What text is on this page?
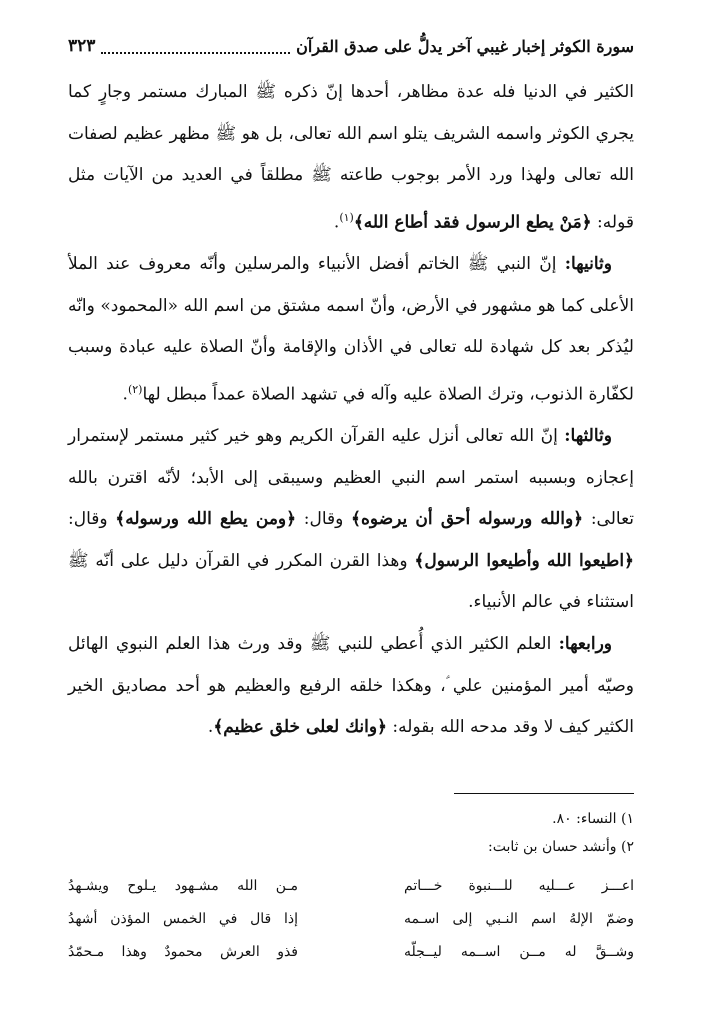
سورة الكوثر إخبار غيبي آخر يدلُّ على صدق القرآن
٣٢٣

الكثير في الدنيا فله عدة مظاهر، أحدها إنّ ذكره ﷺ المبارك مستمر وجارٍ كما يجري الكوثر واسمه الشريف يتلو اسم الله تعالى، بل هو ﷺ مظهر عظيم لصفات الله تعالى ولهذا ورد الأمر بوجوب طاعته ﷺ مطلقاً في العديد من الآيات مثل قوله: ﴿مَنْ يطع الرسول فقد أطاع الله﴾$^{(١)}$.

وثانيها: إنّ النبي ﷺ الخاتم أفضل الأنبياء والمرسلين وأنّه معروف عند الملأ الأعلى كما هو مشهور في الأرض، وأنّ اسمه مشتق من اسم الله «المحمود» وانّه ليُذكر بعد كل شهادة لله تعالى في الأذان والإقامة وأنّ الصلاة عليه عبادة وسبب لكفّارة الذنوب، وترك الصلاة عليه وآله في تشهد الصلاة عمداً مبطل لها$^{(٢)}$.

وثالثها: إنّ الله تعالى أنزل عليه القرآن الكريم وهو خير كثير مستمر لإستمرار إعجازه وبسببه استمر اسم النبي العظيم وسيبقى إلى الأبد؛ لأنّه اقترن بالله تعالى: ﴿والله ورسوله أحق أن يرضوه﴾ وقال: ﴿ومن يطع الله ورسوله﴾ وقال: ﴿اطيعوا الله وأطيعوا الرسول﴾ وهذا القرن المكرر في القرآن دليل على أنّه ﷺ استثناء في عالم الأنبياء.

ورابعها: العلم الكثير الذي أُعطي للنبي ﷺ وقد ورث هذا العلم النبوي الهائل وصيّه أمير المؤمنين علي ؑ، وهكذا خلقه الرفيع والعظيم هو أحد مصاديق الخير الكثير كيف لا وقد مدحه الله بقوله: ﴿وانك لعلى خلق عظيم﴾.

١) النساء: ٨٠.
٢) وأنشد حسان بن ثابت:
اعـــز عـــليه للـــنبوة خـــاتم
مـن الله مشـهود يـلوح ويشـهدُ
وضمّ الإلهُ اسم النـبي إلى اسـمه
إذا قال في الخمس المؤذن أشهدُ
وشــقَّ له مــن اســمه ليــجلّه
فذو العرش محمودٌ وهذا مـحمّدُ
